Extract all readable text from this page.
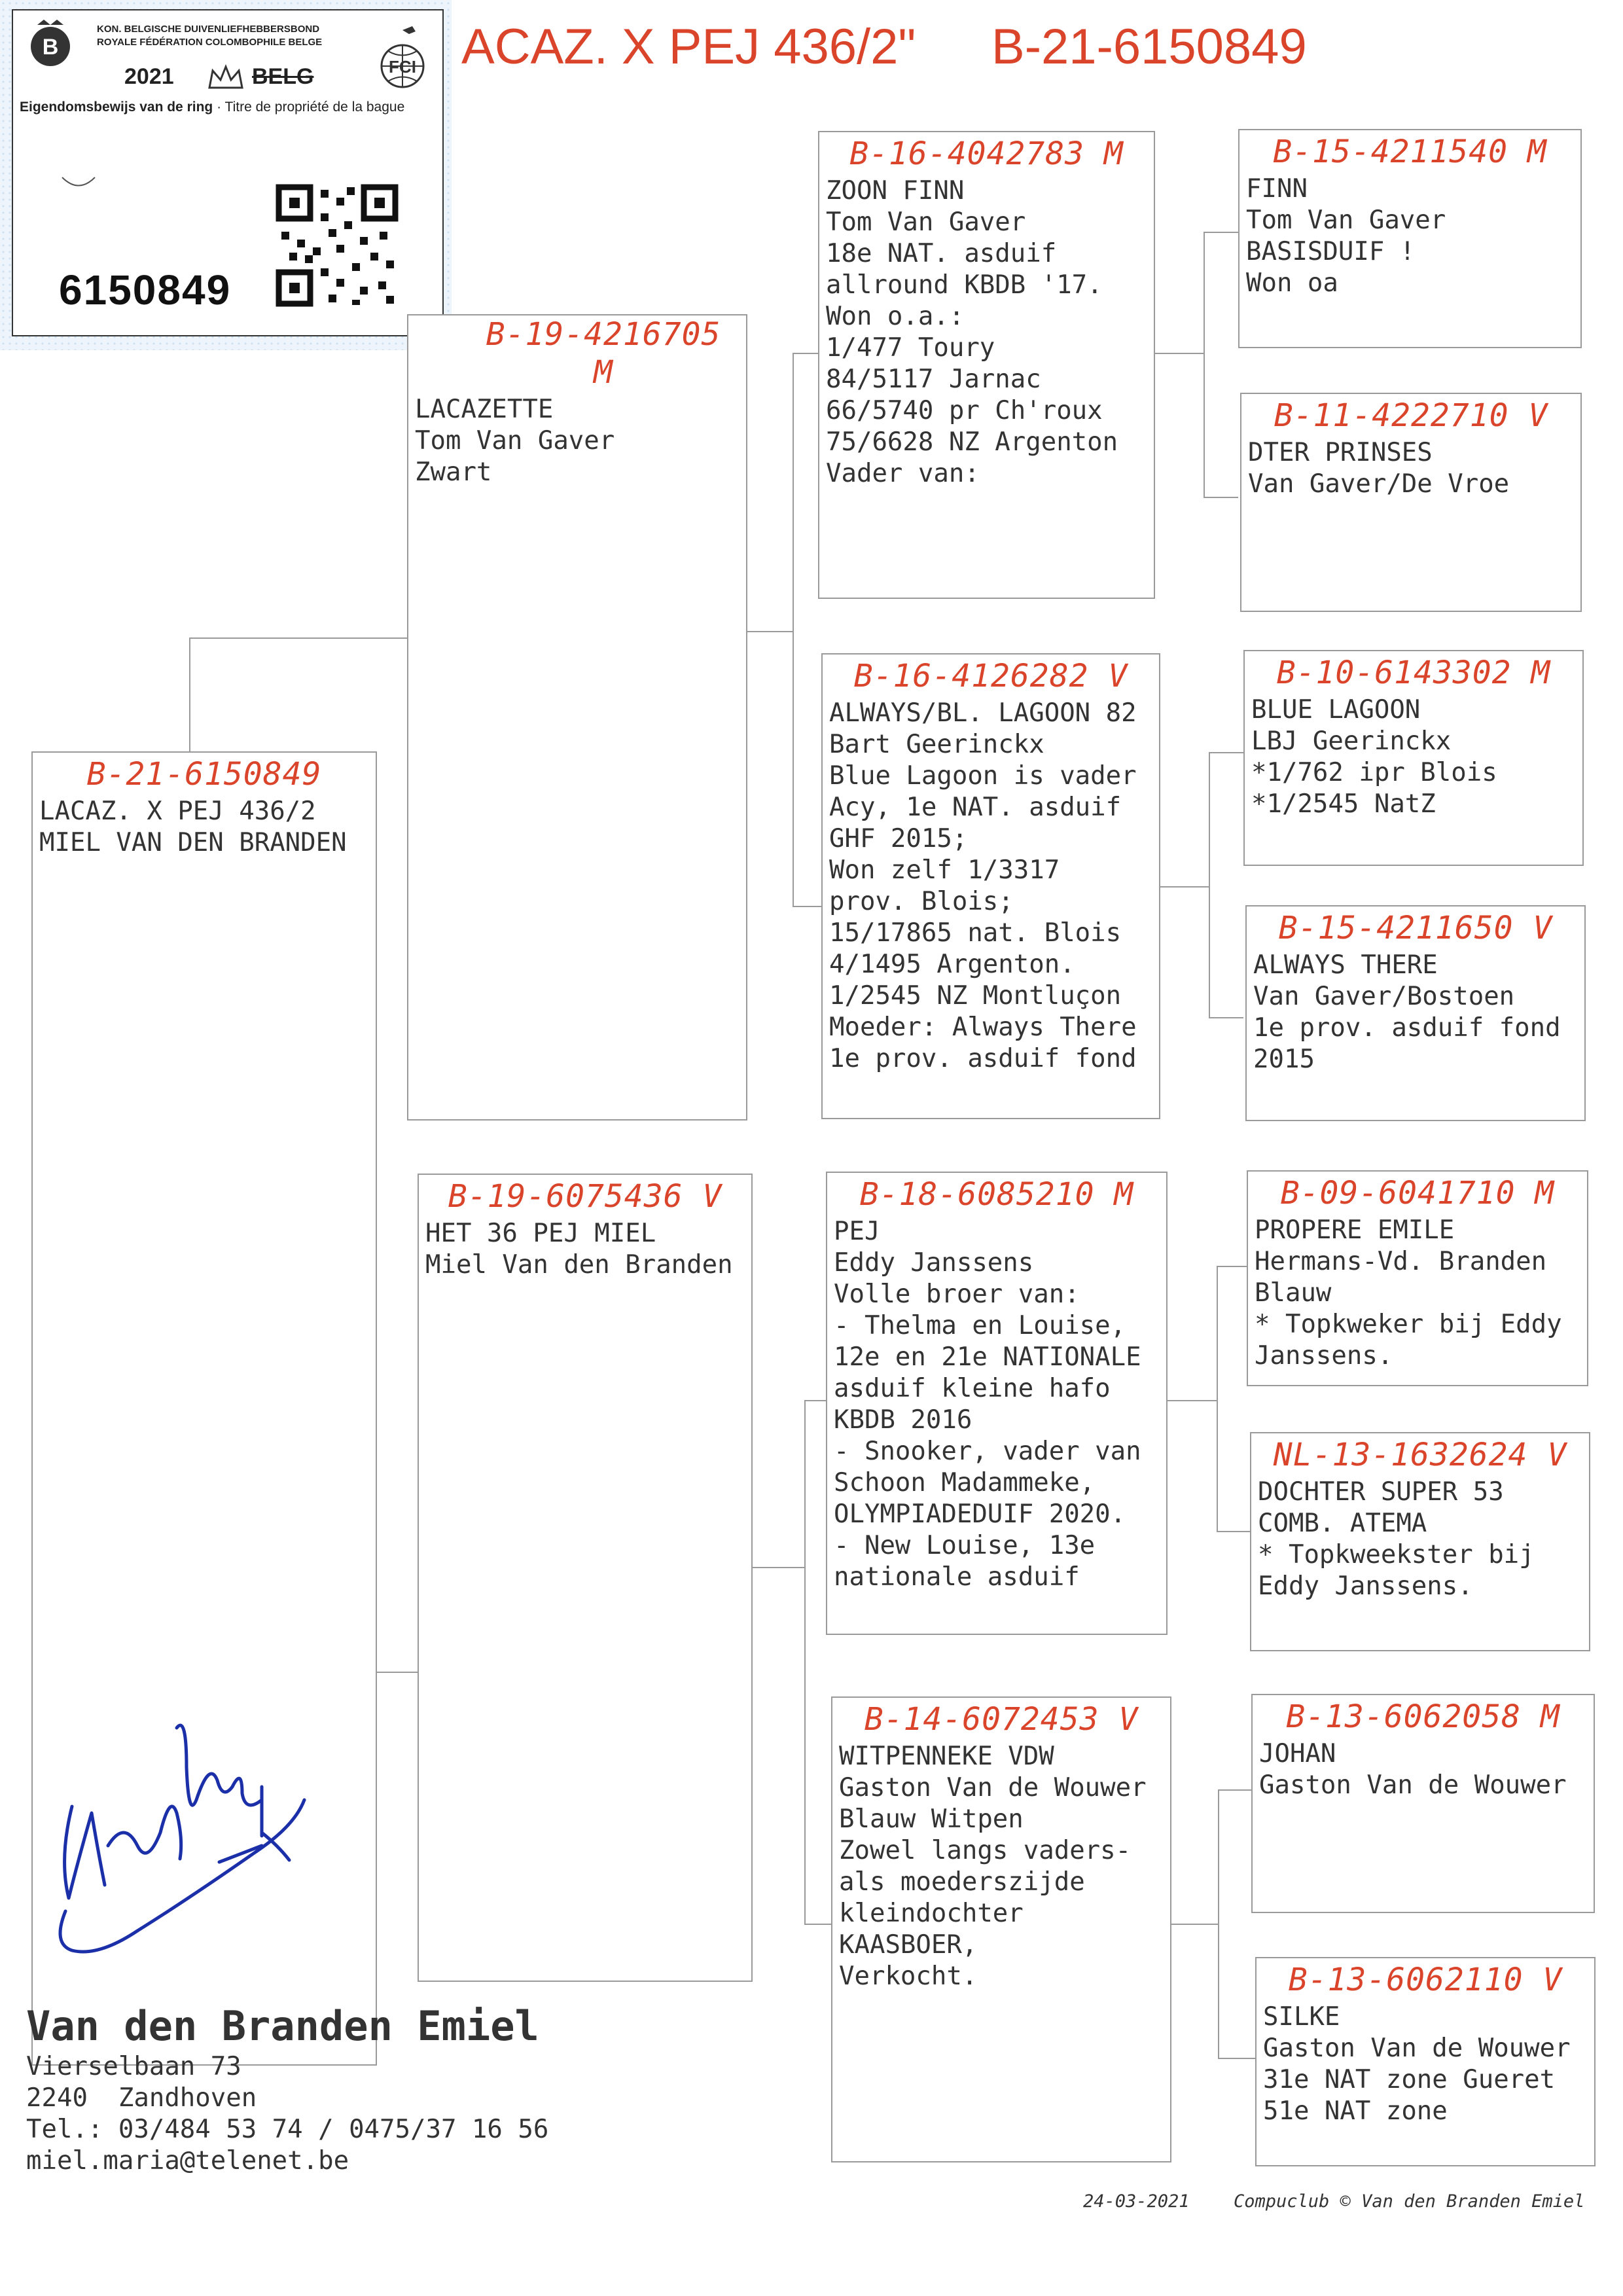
ACAZ. X PEJ 436/2" B-21-6150849
B
KON. BELGISCHE DUIVENLIEFHEBBERSBOND
ROYALE FÉDÉRATION COLOMBOPHILE BELGE
2021	BELG	FCI
Eigendomsbewijs van de ring · Titre de propriété de la bague
6150849
B-21-6150849
LACAZ. X PEJ 436/2
MIEL VAN DEN BRANDEN
B-19-4216705 M
LACAZETTE
Tom Van Gaver
Zwart
B-19-6075436 V
HET 36 PEJ MIEL
Miel Van den Branden
B-16-4042783 M
ZOON FINN
Tom Van Gaver
18e NAT. asduif
allround KBDB '17.
Won o.a.:
1/477 Toury
84/5117 Jarnac
66/5740 pr Ch'roux
75/6628 NZ Argenton
Vader van:
B-16-4126282 V
ALWAYS/BL. LAGOON 82
Bart Geerinckx
Blue Lagoon is vader
Acy, 1e NAT. asduif
GHF 2015;
Won zelf 1/3317
prov. Blois;
15/17865 nat. Blois
4/1495 Argenton.
1/2545 NZ Montluçon
Moeder: Always There
1e prov. asduif fond
B-18-6085210 M
PEJ
Eddy Janssens
Volle broer van:
- Thelma en Louise,
12e en 21e NATIONALE
asduif kleine hafo
KBDB 2016
- Snooker, vader van
Schoon Madammeke,
OLYMPIADEDUIF 2020.
- New Louise, 13e
nationale asduif
B-14-6072453 V
WITPENNEKE VDW
Gaston Van de Wouwer
Blauw Witpen
Zowel langs vaders-
als moederszijde
kleindochter
KAASBOER,
Verkocht.
B-15-4211540 M
FINN
Tom Van Gaver
BASISDUIF !
Won oa
B-11-4222710 V
DTER PRINSES
Van Gaver/De Vroe
B-10-6143302 M
BLUE LAGOON
LBJ Geerinckx
*1/762 ipr Blois
*1/2545 NatZ
B-15-4211650 V
ALWAYS THERE
Van Gaver/Bostoen
1e prov. asduif fond
2015
B-09-6041710 M
PROPERE EMILE
Hermans-Vd. Branden
Blauw
* Topkweker bij Eddy
Janssens.
NL-13-1632624 V
DOCHTER SUPER 53
COMB. ATEMA
* Topkweekster bij
Eddy Janssens.
B-13-6062058 M
JOHAN
Gaston Van de Wouwer
B-13-6062110 V
SILKE
Gaston Van de Wouwer
31e NAT zone Gueret
51e NAT zone
Van den Branden Emiel
Vierselbaan 73
2240  Zandhoven
Tel.: 03/484 53 74 / 0475/37 16 56
miel.maria@telenet.be
24-03-2021 Compuclub © Van den Branden Emiel
